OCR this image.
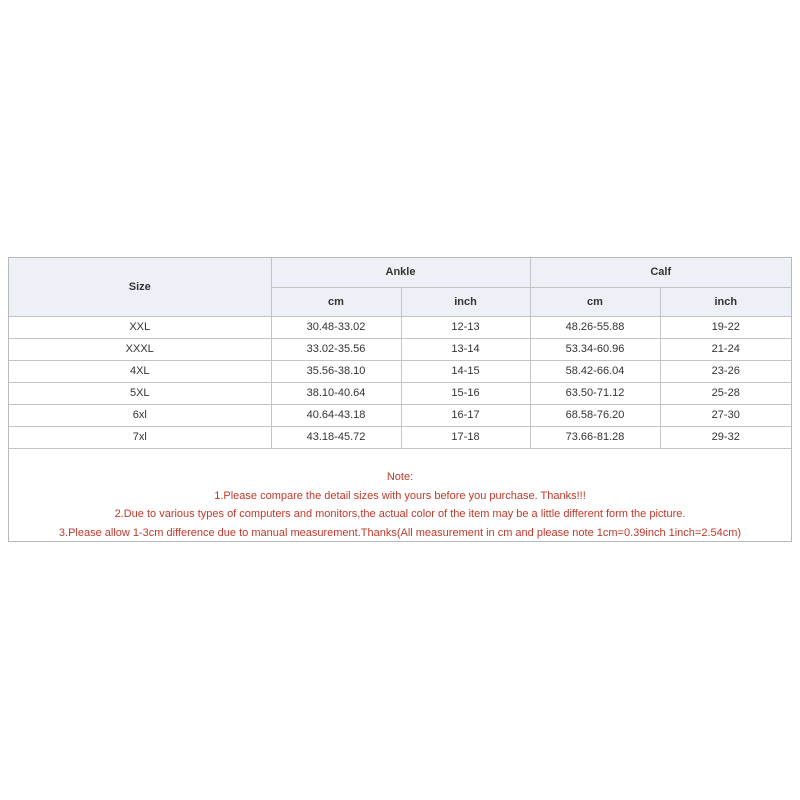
Size	Ankle		Calf	
	cm	inch	cm	inch
XXL	30.48-33.02	12-13	48.26-55.88	19-22
XXXL	33.02-35.56	13-14	53.34-60.96	21-24
4XL	35.56-38.10	14-15	58.42-66.04	23-26
5XL	38.10-40.64	15-16	63.50-71.12	25-28
6xl	40.64-43.18	16-17	68.58-76.20	27-30
7xl	43.18-45.72	17-18	73.66-81.28	29-32
Note:
1.Please compare the detail sizes with yours before you purchase. Thanks!!!
2.Due to various types of computers and monitors,the actual color of the item may be a little different form the picture.
3.Please allow 1-3cm difference due to manual measurement.Thanks(All measurement in cm and please note 1cm=0.39inch 1inch=2.54cm)
